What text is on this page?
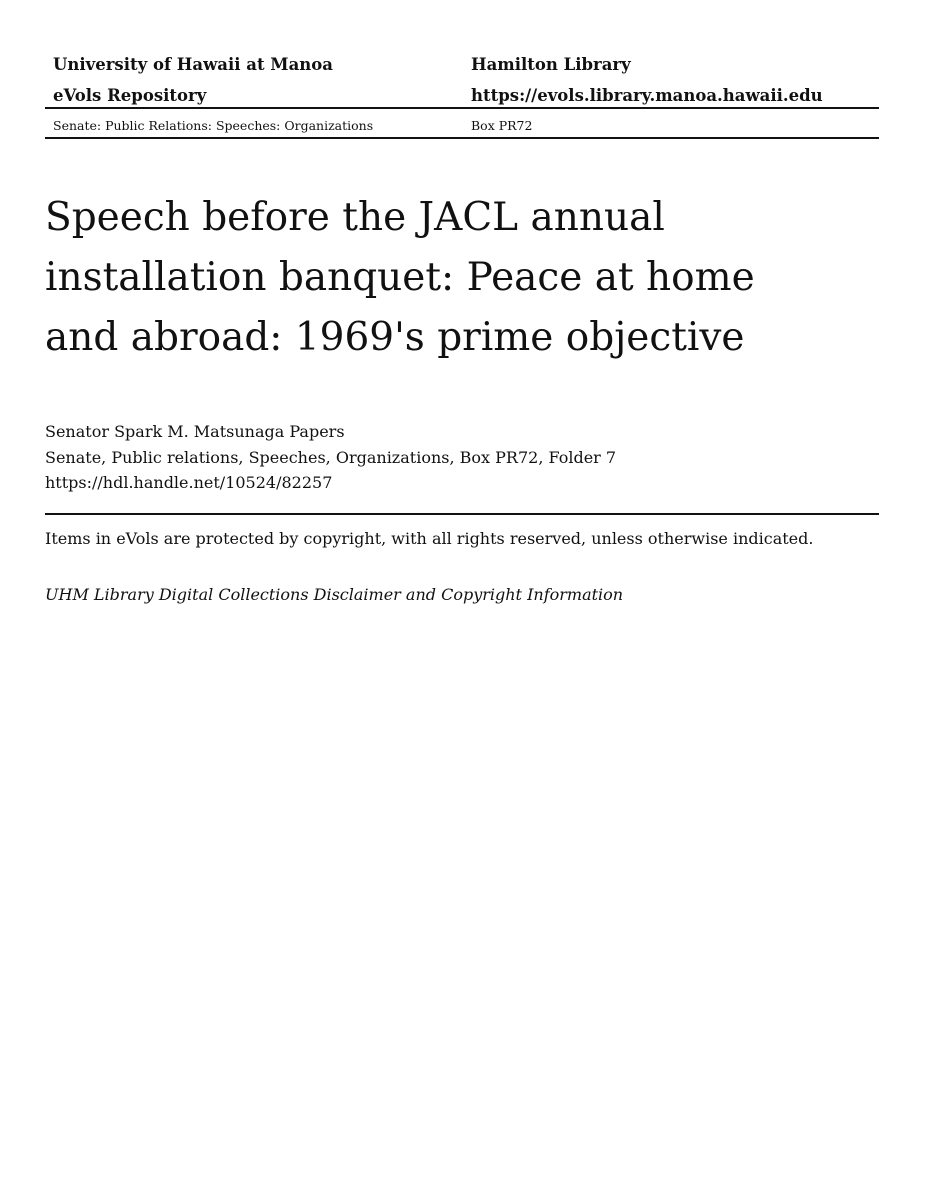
University of Hawaii at Manoa
eVols Repository
Hamilton Library
https://evols.library.manoa.hawaii.edu
Senate: Public Relations: Speeches: Organizations	Box PR72
Speech before the JACL annual installation banquet: Peace at home and abroad: 1969's prime objective
Senator Spark M. Matsunaga Papers
Senate, Public relations, Speeches, Organizations, Box PR72, Folder 7
https://hdl.handle.net/10524/82257
Items in eVols are protected by copyright, with all rights reserved, unless otherwise indicated.
UHM Library Digital Collections Disclaimer and Copyright Information
